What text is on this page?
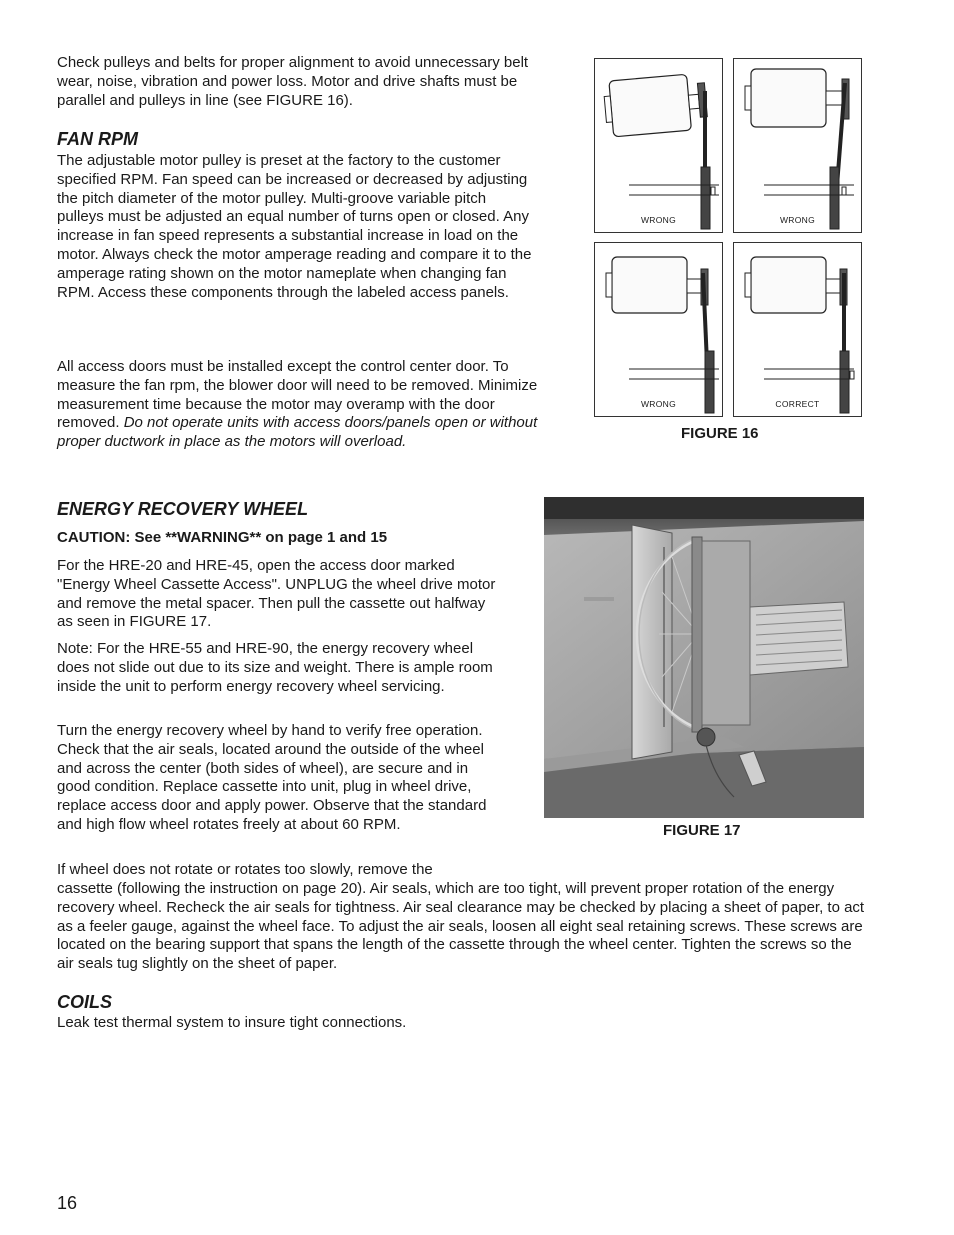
Check pulleys and belts for proper alignment to avoid unnecessary belt wear, noise, vibration and power loss. Motor and drive shafts must be parallel and pulleys in line (see FIGURE 16).

FAN RPM

The adjustable motor pulley is preset at the factory to the customer specified RPM. Fan speed can be increased or decreased by adjusting the pitch diameter of the motor pulley. Multi-groove variable pitch pulleys must be adjusted an equal number of turns open or closed. Any increase in fan speed represents a substantial increase in load on the motor. Always check the motor amperage reading and compare it to the amperage rating shown on the motor nameplate when changing fan RPM. Access these components through the labeled access panels.

All access doors must be installed except the control center door. To measure the fan rpm, the blower door will need to be removed. Minimize measurement time because the motor may overamp with the door removed. Do not operate units with access doors/panels open or without proper ductwork in place as the motors will overload.

WRONG	WRONG
WRONG	CORRECT

FIGURE 16

ENERGY RECOVERY WHEEL

CAUTION: See **WARNING** on page 1 and 15

For the HRE-20 and HRE-45, open the access door marked "Energy Wheel Cassette Access". UNPLUG the wheel drive motor and remove the metal spacer. Then pull the cassette out halfway as seen in FIGURE 17.

Note: For the HRE-55 and HRE-90, the energy recovery wheel does not slide out due to its size and weight. There is ample room inside the unit to perform energy recovery wheel servicing.

Turn the energy recovery wheel by hand to verify free operation. Check that the air seals, located around the outside of the wheel and across the center (both sides of wheel), are secure and in good condition. Replace cassette into unit, plug in wheel drive, replace access door and apply power. Observe that the standard and high flow wheel rotates freely at about 60 RPM.

If wheel does not rotate or rotates too slowly, remove the

cassette (following the instruction on page 20). Air seals, which are too tight, will prevent proper rotation of the energy recovery wheel. Recheck the air seals for tightness. Air seal clearance may be checked by placing a sheet of paper, to act as a feeler gauge, against the wheel face. To adjust the air seals, loosen all eight seal retaining screws. These screws are located on the bearing support that spans the length of the cassette through the wheel center. Tighten the screws so the air seals tug slightly on the sheet of paper.

FIGURE 17

COILS

Leak test thermal system to insure tight connections.

16
